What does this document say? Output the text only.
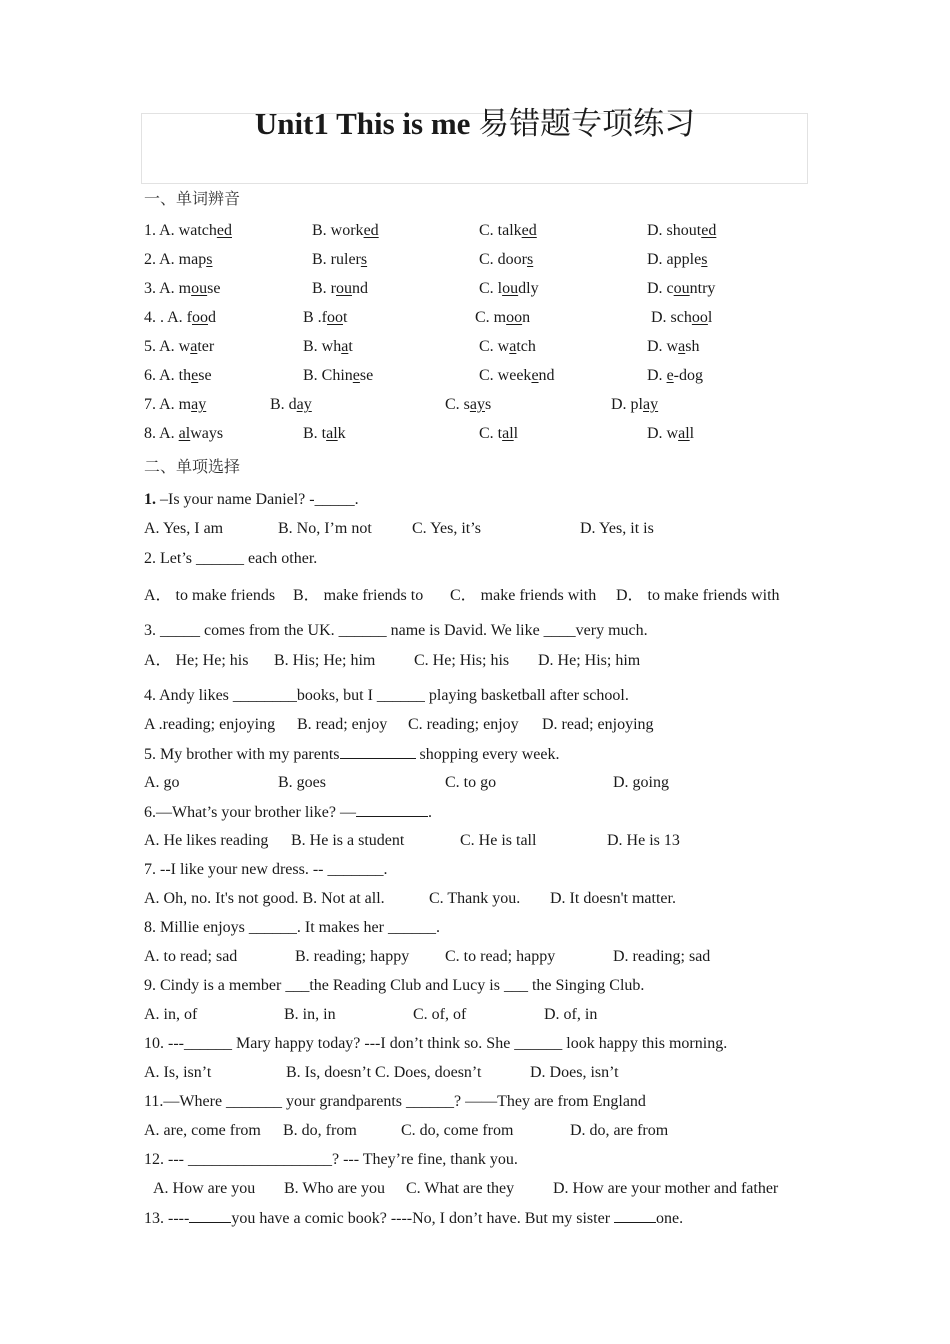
Unit1 This is me 易错题专项练习
一、单词辨音
1. A. watched	B. worked	C. talked	D. shouted
2. A. maps	B. rulers	C. doors	D. apples
3. A. mouse	B. round	C. loudly	D. country
4. . A. food	B .foot	C. moon	D. school
5. A. water	B. what	C. watch	D. wash
6. A. these	B. Chinese	C. weekend	D. e-dog
7. A. may	B. day	C. says	D. play
8. A. always	B. talk	C. tall	D. wall
二、单项选择
1. –Is your name Daniel? -_____.
A. Yes, I am	B. No, I’m not	C. Yes, it’s	D. Yes, it is
2. Let’s ______ each other.
A． to make friends B． make friends to C． make friends with D． to make friends with
3. _____ comes from the UK. ______ name is David. We like ____very much.
A． He; He; his B. His; He; him C. He; His; his D. He; His; him
4. Andy likes ________books, but I ______ playing basketball after school.
A .reading; enjoying B. read; enjoy C. reading; enjoy D. read; enjoying
5. My brother with my parents	shopping every week.
A. go	B. goes	C. to go	D. going
6.—What’s your brother like? —	.
A. He likes reading B. He is a student	C. He is tall	D. He is 13
7. --I like your new dress. -- _______.
A. Oh, no. It's not good. B. Not at all.	C. Thank you. D. It doesn't matter.
8. Millie enjoys ______. It makes her ______.
A. to read; sad	B. reading; happy C. to read; happy	D. reading; sad
9. Cindy is a member ___the Reading Club and Lucy is ___ the Singing Club.
A. in, of	B. in, in	C. of, of	D. of, in
10. ---______ Mary happy today? ---I don’t think so. She ______ look happy this morning.
A. Is, isn’t	B. Is, doesn’t C. Does, doesn’t	D. Does, isn’t
11.—Where _______ your grandparents ______? ——They are from England
A. are, come from B. do, from	C. do, come from	D. do, are from
12. --- __________________? --- They’re fine, thank you.
A. How are you B. Who are you C. What are they D. How are your mother and father
13. ----	you have a comic book? ----No, I don’t have. But my sister	one.
